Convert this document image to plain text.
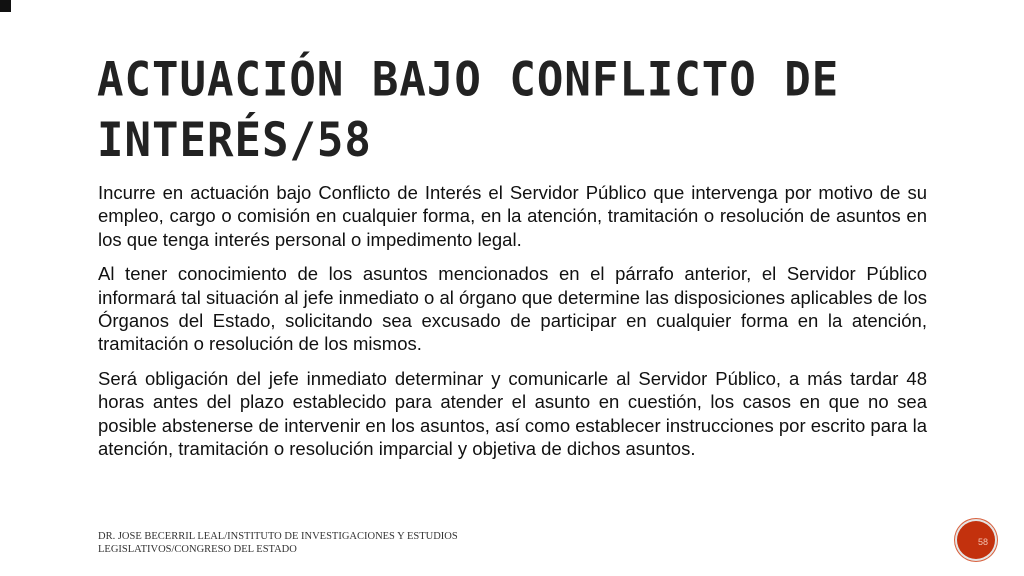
ACTUACIÓN BAJO CONFLICTO DE INTERÉS/58

Incurre en actuación bajo Conflicto de Interés el Servidor Público que intervenga por motivo de su empleo, cargo o comisión en cualquier forma, en la atención, tramitación o resolución de asuntos en los que tenga interés personal o impedimento legal.

Al tener conocimiento de los asuntos mencionados en el párrafo anterior, el Servidor Público informará tal situación al jefe inmediato o al órgano que determine las disposiciones aplicables de los Órganos del Estado, solicitando sea excusado de participar en cualquier forma en la atención, tramitación o resolución de los mismos.

Será obligación del jefe inmediato determinar y comunicarle al Servidor Público, a más tardar 48 horas antes del plazo establecido para atender el asunto en cuestión, los casos en que no sea posible abstenerse de intervenir en los asuntos, así como establecer instrucciones por escrito para la atención, tramitación o resolución imparcial y objetiva de dichos asuntos.

DR. JOSE BECERRIL LEAL/INSTITUTO DE INVESTIGACIONES Y ESTUDIOS LEGISLATIVOS/CONGRESO DEL ESTADO
58
